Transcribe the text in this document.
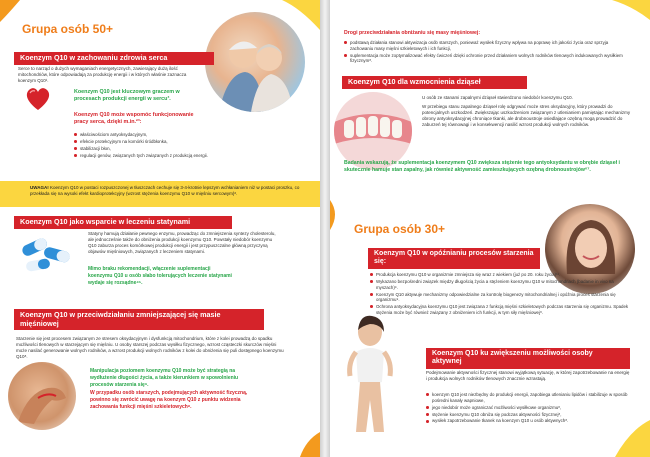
Grupa osób 50+
Koenzym Q10 w zachowaniu zdrowia serca
Serce to narząd o dużych wymaganiach energetycznych, zawierający dużą ilość mitochondriów, które odpowiadają za produkcję energii i w których właśnie zaznacza koenzym Q10¹.
Koenzym Q10 jest kluczowym graczem w procesach produkcji energii w sercu³.
Koenzym Q10 może wspomóc funkcjonowanie pracy serca, dzięki m.in.²³:
właściwościom antyoksydacyjnym,
efekcie protekcyjnym na komórki śródbłonka,
stabilizacji błon,
regulacji genów, związanych tych związanych z produkcją energii.
UWAGA! Koenzym Q10 w postaci rozpuszczonej w tłuszczach cechuje się 3-4-krotnie lepszym wchłanianiem niż w postaci proszku, co przekłada się na wysoki efekt kardioprotekcyjny (wzrost stężenia koenzymu Q10 w mięśniu sercowym)⁶.
Koenzym Q10 jako wsparcie w leczeniu statynami
Statyny hamują działanie pewnego enzymu, prowadząc do zmniejszenia syntezy cholesterolu, ale jednocześnie także do obniżenia produkcji koenzymu Q10. Powstały niedobór koenzymu Q10 zaburza proces komórkowej produkcji energii i jest przypuszczalne główną przyczyną objawów mięśniowych, związanych z leczeniem statynami.
Mimo braku rekomendacji, włączenie suplementacji koenzymu Q10 u osób słabo tolerujących leczenie statynami wydaje się rozsądne⁴⁵.
Koenzym Q10 w przeciwdziałaniu zmniejszającej się masie mięśniowej
Starzenie się jest procesem związanym ze stresem oksydacyjnym i dysfunkcją mitochondrium, które z kolei prowadzą do spadku możliwości tlenowych w starzejącym się mięśniu. U osoby starszej podczas wysiłku fizycznego, wzrost cząsteczki skurczów mięśni może nasilać generowanie wolnych rodników, a wzrost produkcji wolnych rodników z kolei do obniżenia się puli dostępnego koenzymu Q10⁸.
Manipulacja poziomem koenzymu Q10 może być strategią na wydłużenie długości życia, a także kierunkiem w spowolnieniu procesów starzenia się⁹.
W przypadku osób starszych, podejmujących aktywność fizyczną, powinno się zwrócić uwagę na koenzym Q10 z punktu widzenia zachowania funkcji mięśni szkieletowych⁸.
Drogi przeciwdziałania obniżaniu się masy mięśniowej:
podstawą działania stanowi aktywizacja osób starszych, ponieważ wysiłek fizyczny wpływa na poprawę ich jakości życia oraz sprzyja zachowaniu masy mięśni szkieletowych i ich funkcji,
suplementacja może zoptymalizować efekty ćwiczeń dzięki ochronie przed działaniem wolnych rodników tlenowych indukowanych wysiłkiem fizycznym⁸.
Koenzym Q10 dla wzmocnienia dziąseł
U osób ze stanami zapalnymi dziąseł stwierdzono niedobór koenzymu Q10.
W przebiegu stanu zapalnego dziąseł rolę odgrywać może stres oksydacyjny, który prowadzi do potencjalnych uszkodzeń. Zwiększając uszkodzeniom związanym z utlenianiem pamiętając mechanizmy obrony antyoksydacyjnej chroniące tkanki, ale drobnoustroje osiedlające ozębną mogą prowadzić do zaburzeń tej równowagi i w konsekwencji nasilić wzrost produkcji wolnych rodników.
Badania wskazują, że suplementacja koenzymem Q10 zwiększa stężenie tego antyoksydantu w obrębie dziąseł i skutecznie hamuje stan zapalny, jak również aktywność zamieszkujących ozębną drobnoustrojów⁶⁷.
Grupa osób 30+
Koenzym Q10 w opóźnianiu procesów starzenia się:
Produkcja koenzymu Q10 w organizmie zmniejsza się wraz z wiekiem (już po 20. roku życia)¹¹.
Wykazano bezpośredni związek między długością życia a stężeniem koenzymu Q10 w mitochondriach (badanie in vivo na myszach)⁹.
Koenzym Q10 aktywuje mechanizmy odpowiedzialne za kontrolę biogenezy mitochondrialnej i opóźnia proces starzenia się organizmu⁹.
Ochrona antyoksydacyjna koenzymu Q10 jest związana z funkcją mięśni szkieletowych podczas starzenia się organizmu. Spadek stężenia może być również związany z obniżeniem ich funkcji, w tym siły mięśniowej⁸.
Koenzym Q10 ku zwiększeniu możliwości osoby aktywnej
Podejmowanie aktywności fizycznej stanowi wyjątkową sytuację, w której zapotrzebowanie na energię i produkcja wolnych rodników tlenowych znacznie wzrastają.
koenzym Q10 jest niezbędny do produkcji energii, zapobiega utlenianiu lipidów i stabilizuje w sposób pośredni kanały wapniowe,
jego niedobór może ograniczać możliwości wysiłkowe organizmu⁸,
stężenie koenzymu Q10 obniża się podczas aktywności fizycznej⁸,
wysiłek zapotrzebowanie tkanek na koenzym Q10 u osób aktywnych⁸.
